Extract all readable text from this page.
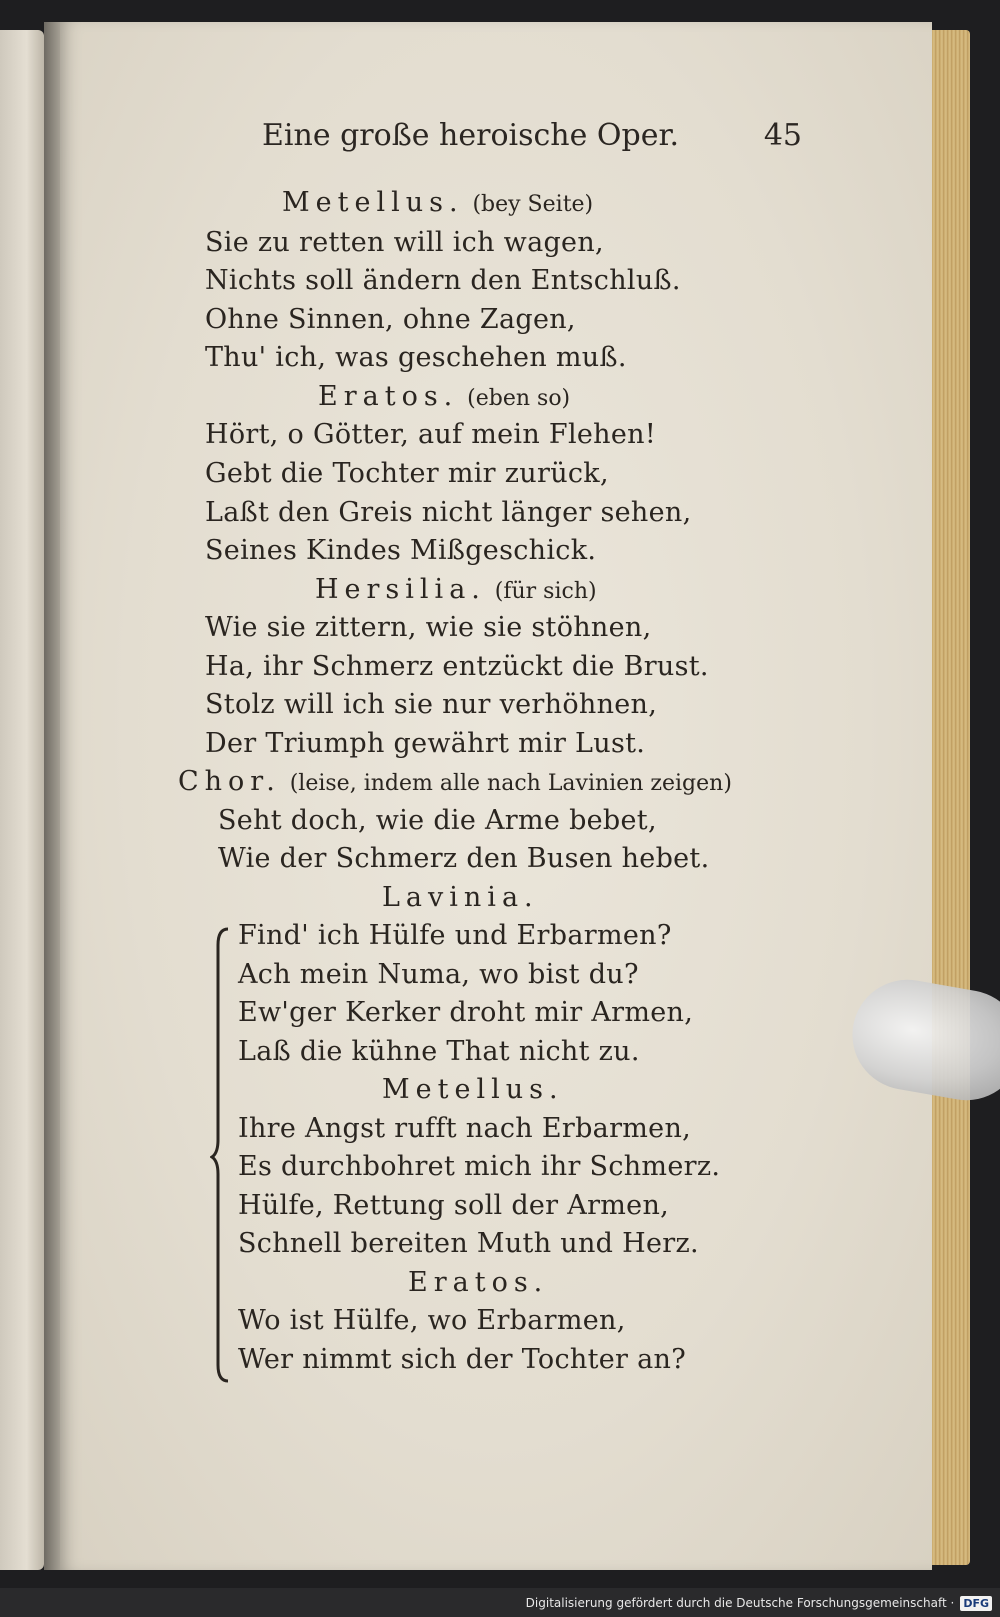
Eine große heroische Oper.	45
Metellus. (bey Seite)
Sie zu retten will ich wagen,
Nichts soll ändern den Entschluß.
Ohne Sinnen, ohne Zagen,
Thu' ich, was geschehen muß.
Eratos. (eben so)
Hört, o Götter, auf mein Flehen!
Gebt die Tochter mir zurück,
Laßt den Greis nicht länger sehen,
Seines Kindes Mißgeschick.
Hersilia. (für sich)
Wie sie zittern, wie sie stöhnen,
Ha, ihr Schmerz entzückt die Brust.
Stolz will ich sie nur verhöhnen,
Der Triumph gewährt mir Lust.
Chor. (leise, indem alle nach Lavinien zeigen)
Seht doch, wie die Arme bebet,
Wie der Schmerz den Busen hebet.
Lavinia.
Find' ich Hülfe und Erbarmen?
Ach mein Numa, wo bist du?
Ew'ger Kerker droht mir Armen,
Laß die kühne That nicht zu.
Metellus.
Ihre Angst rufft nach Erbarmen,
Es durchbohret mich ihr Schmerz.
Hülfe, Rettung soll der Armen,
Schnell bereiten Muth und Herz.
Eratos.
Wo ist Hülfe, wo Erbarmen,
Wer nimmt sich der Tochter an?
Digitalisierung gefördert durch die Deutsche Forschungsgemeinschaft · DFG
